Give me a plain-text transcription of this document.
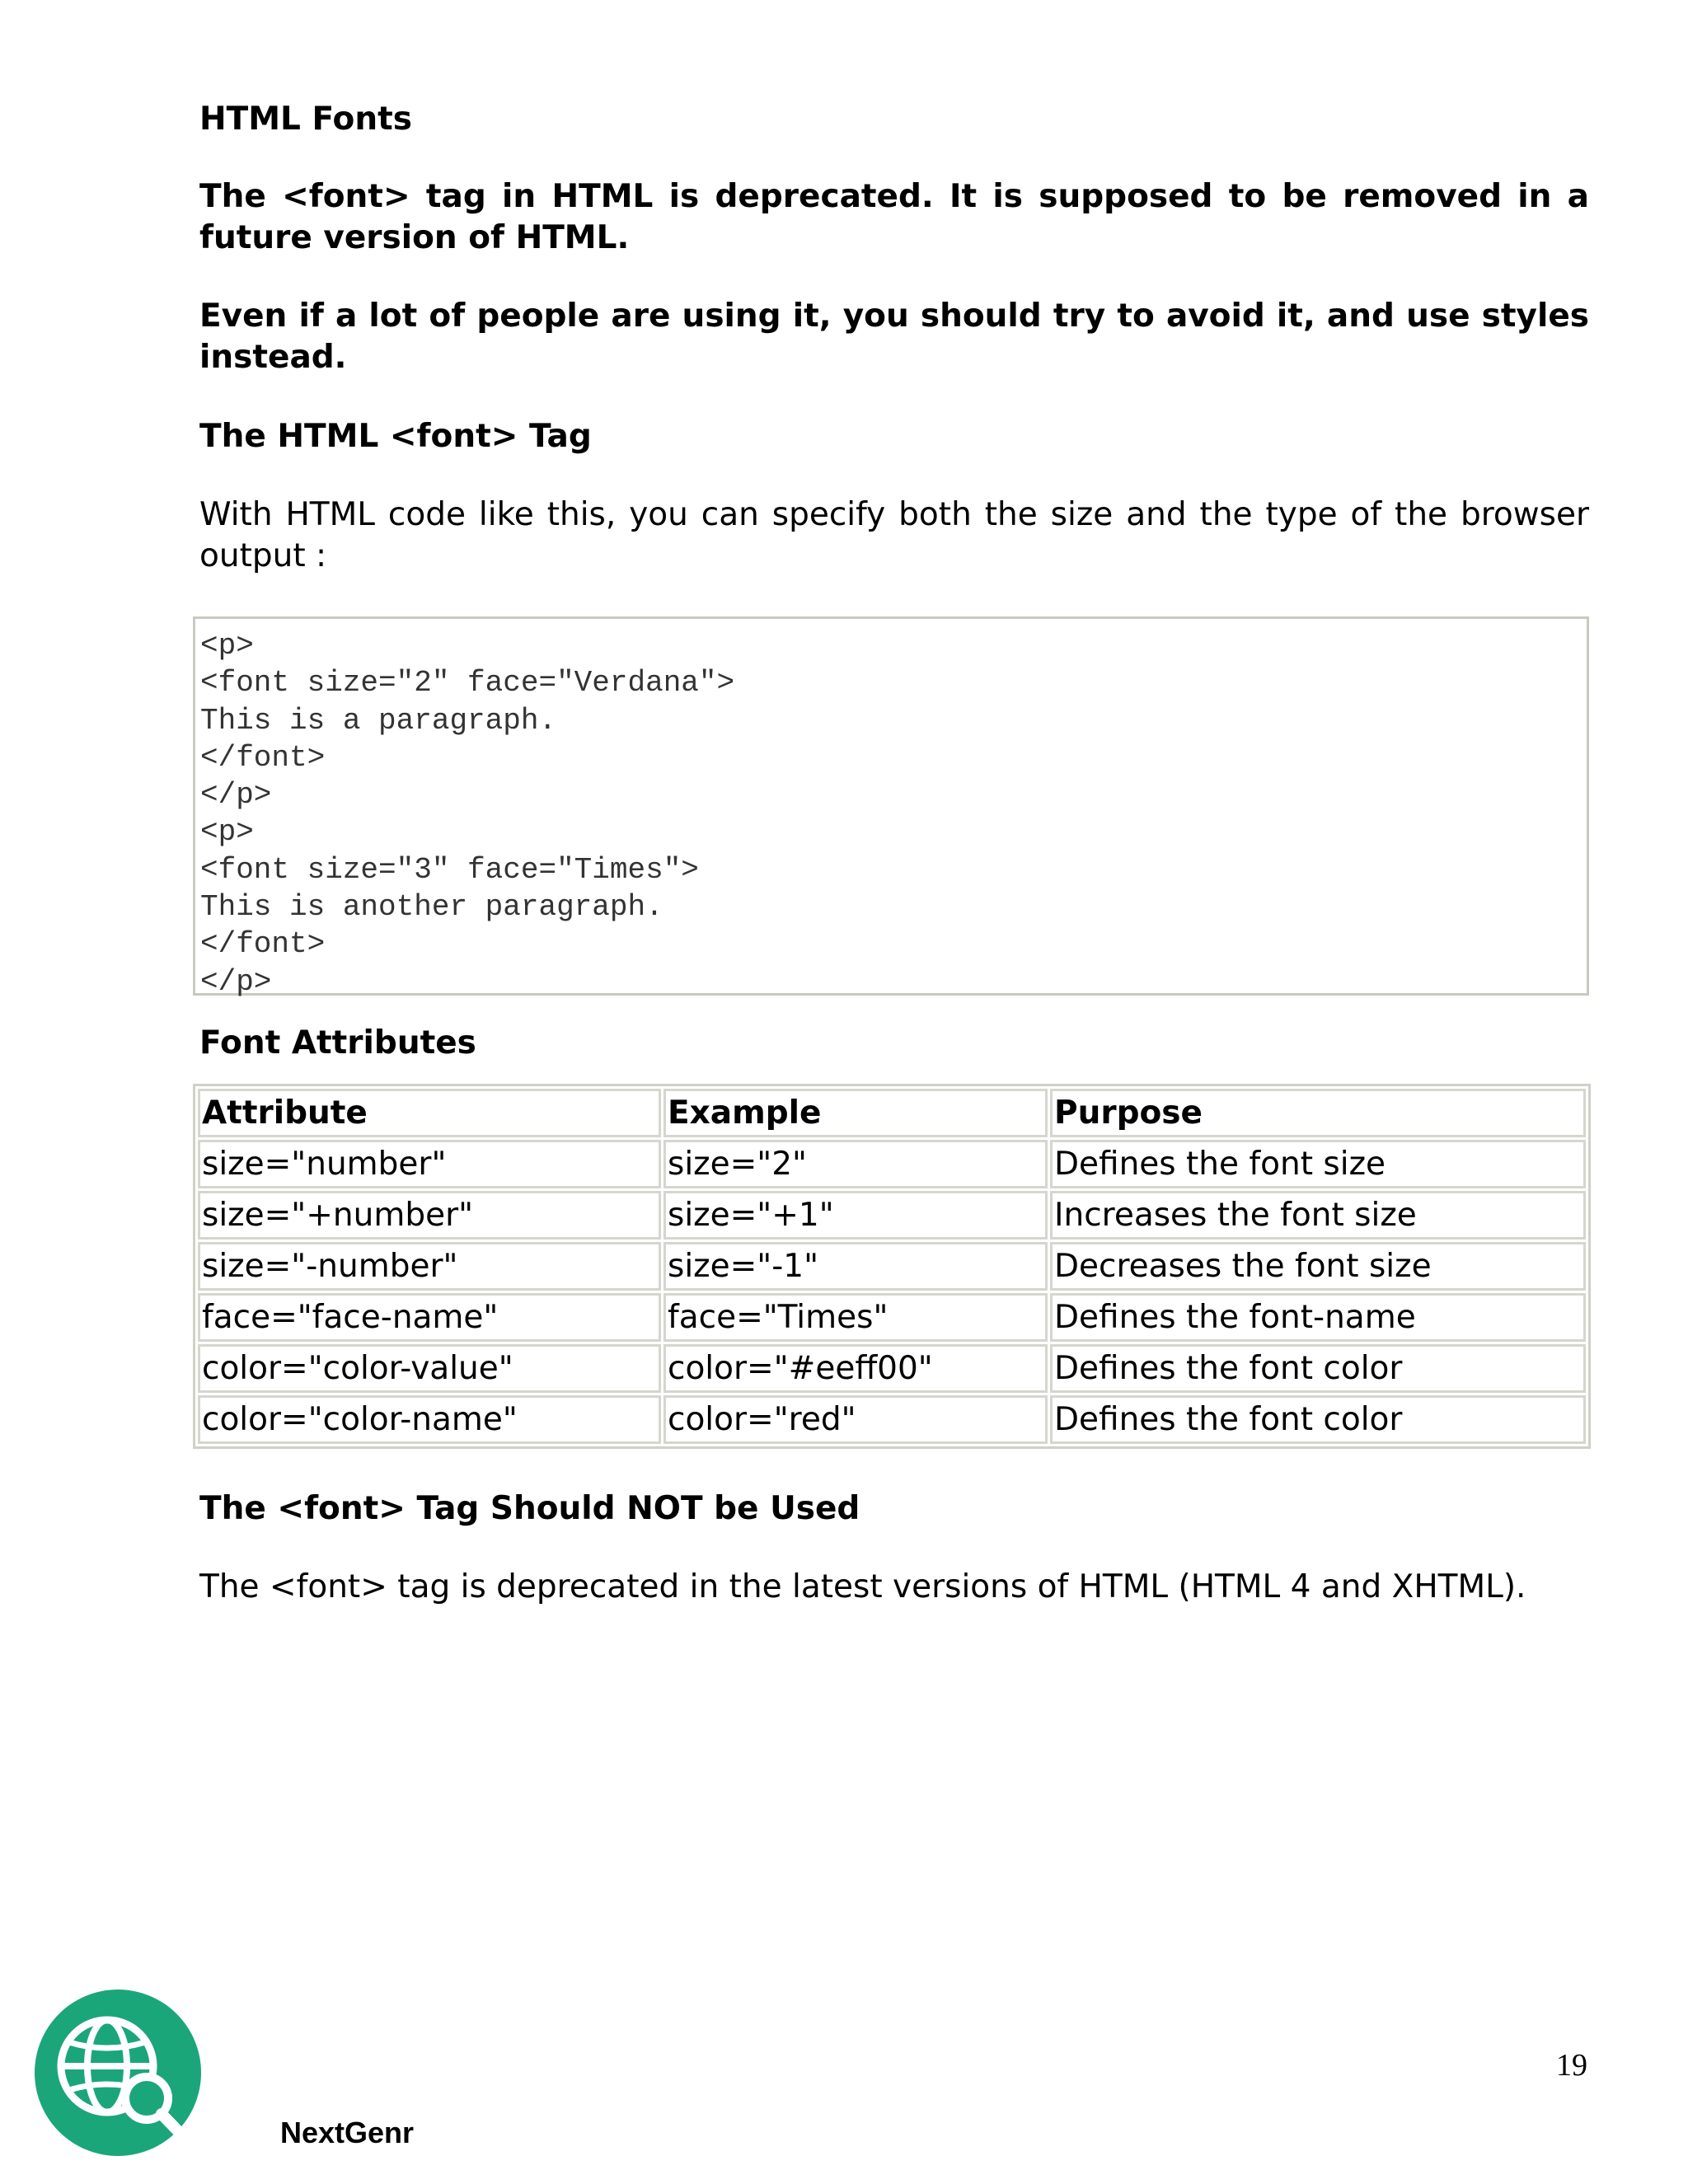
HTML Fonts

The <font> tag in HTML is deprecated. It is supposed to be removed in a future version of HTML.

Even if a lot of people are using it, you should try to avoid it, and use styles instead.

The HTML <font> Tag

With HTML code like this, you can specify both the size and the type of the browser output :

<p>
<font size="2" face="Verdana">
This is a paragraph.
</font>
</p>
<p>
<font size="3" face="Times">
This is another paragraph.
</font>
</p>
Font Attributes
Attribute	Example	Purpose
size="number"	size="2"	Defines the font size
size="+number"	size="+1"	Increases the font size
size="-number"	size="-1"	Decreases the font size
face="face-name"	face="Times"	Defines the font-name
color="color-value"	color="#eeff00"	Defines the font color
color="color-name"	color="red"	Defines the font color
The <font> Tag Should NOT be Used

The <font> tag is deprecated in the latest versions of HTML (HTML 4 and XHTML).

NextGenr
19
